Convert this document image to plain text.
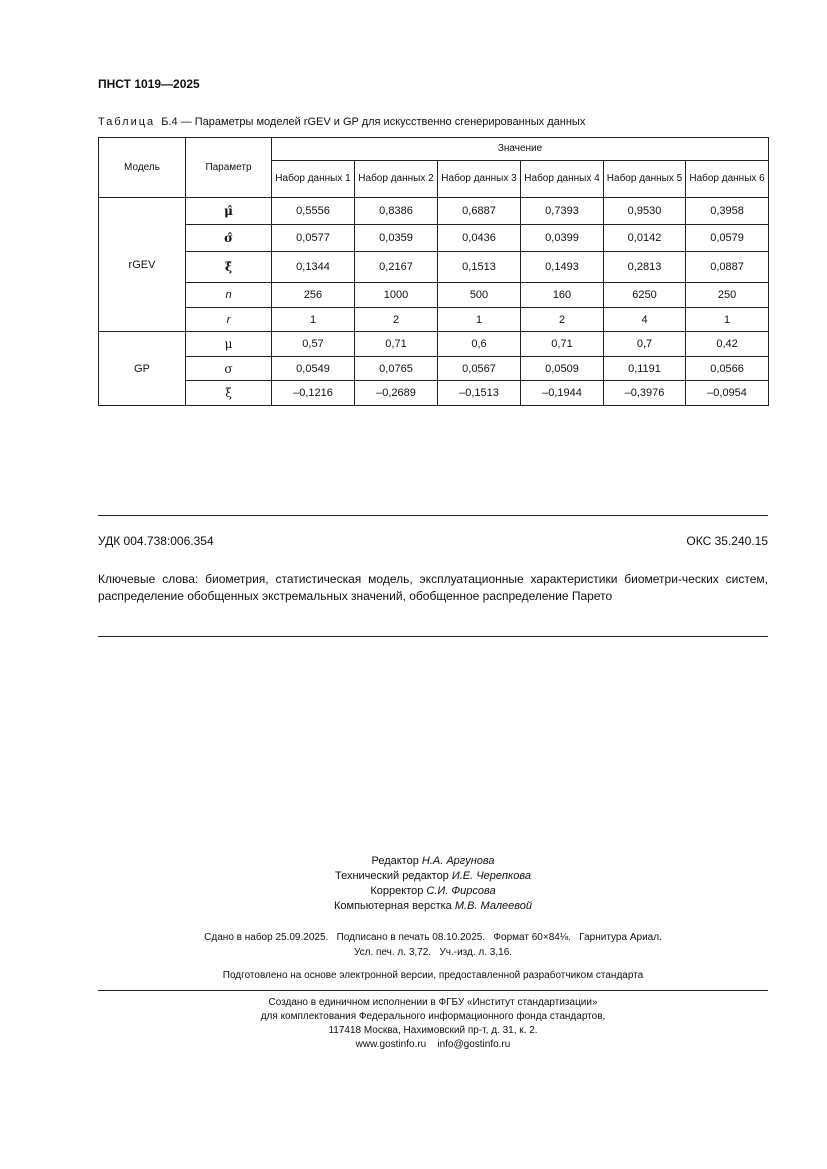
ПНСТ 1019—2025
Таблица Б.4 — Параметры моделей rGEV и GP для искусственно сгенерированных данных
Модель	Параметр	Значение					
		Набор данных 1	Набор данных 2	Набор данных 3	Набор данных 4	Набор данных 5	Набор данных 6
rGEV	μ̂	0,5556	0,8386	0,6887	0,7393	0,9530	0,3958
	σ̂	0,0577	0,0359	0,0436	0,0399	0,0142	0,0579
	ξ̂	0,1344	0,2167	0,1513	0,1493	0,2813	0,0887
	n	256	1000	500	160	6250	250
	r	1	2	1	2	4	1
GP	μ	0,57	0,71	0,6	0,71	0,7	0,42
	σ	0,0549	0,0765	0,0567	0,0509	0,1191	0,0566
	ξ	–0,1216	–0,2689	–0,1513	–0,1944	–0,3976	–0,0954
УДК 004.738:006.354	ОКС 35.240.15
Ключевые слова: биометрия, статистическая модель, эксплуатационные характеристики биометри-ческих систем, распределение обобщенных экстремальных значений, обобщенное распределение Парето
Редактор Н.А. Аргунова
Технический редактор И.Е. Черепкова
Корректор С.И. Фирсова
Компьютерная верстка М.В. Малеевой
Сдано в набор 25.09.2025.   Подписано в печать 08.10.2025.   Формат 60×84⅛.   Гарнитура Ариал.
Усл. печ. л. 3,72.   Уч.-изд. л. 3,16.
Подготовлено на основе электронной версии, предоставленной разработчиком стандарта
Создано в единичном исполнении в ФГБУ «Институт стандартизации»
для комплектования Федерального информационного фонда стандартов,
117418 Москва, Нахимовский пр-т, д. 31, к. 2.
www.gostinfo.ru    info@gostinfo.ru
